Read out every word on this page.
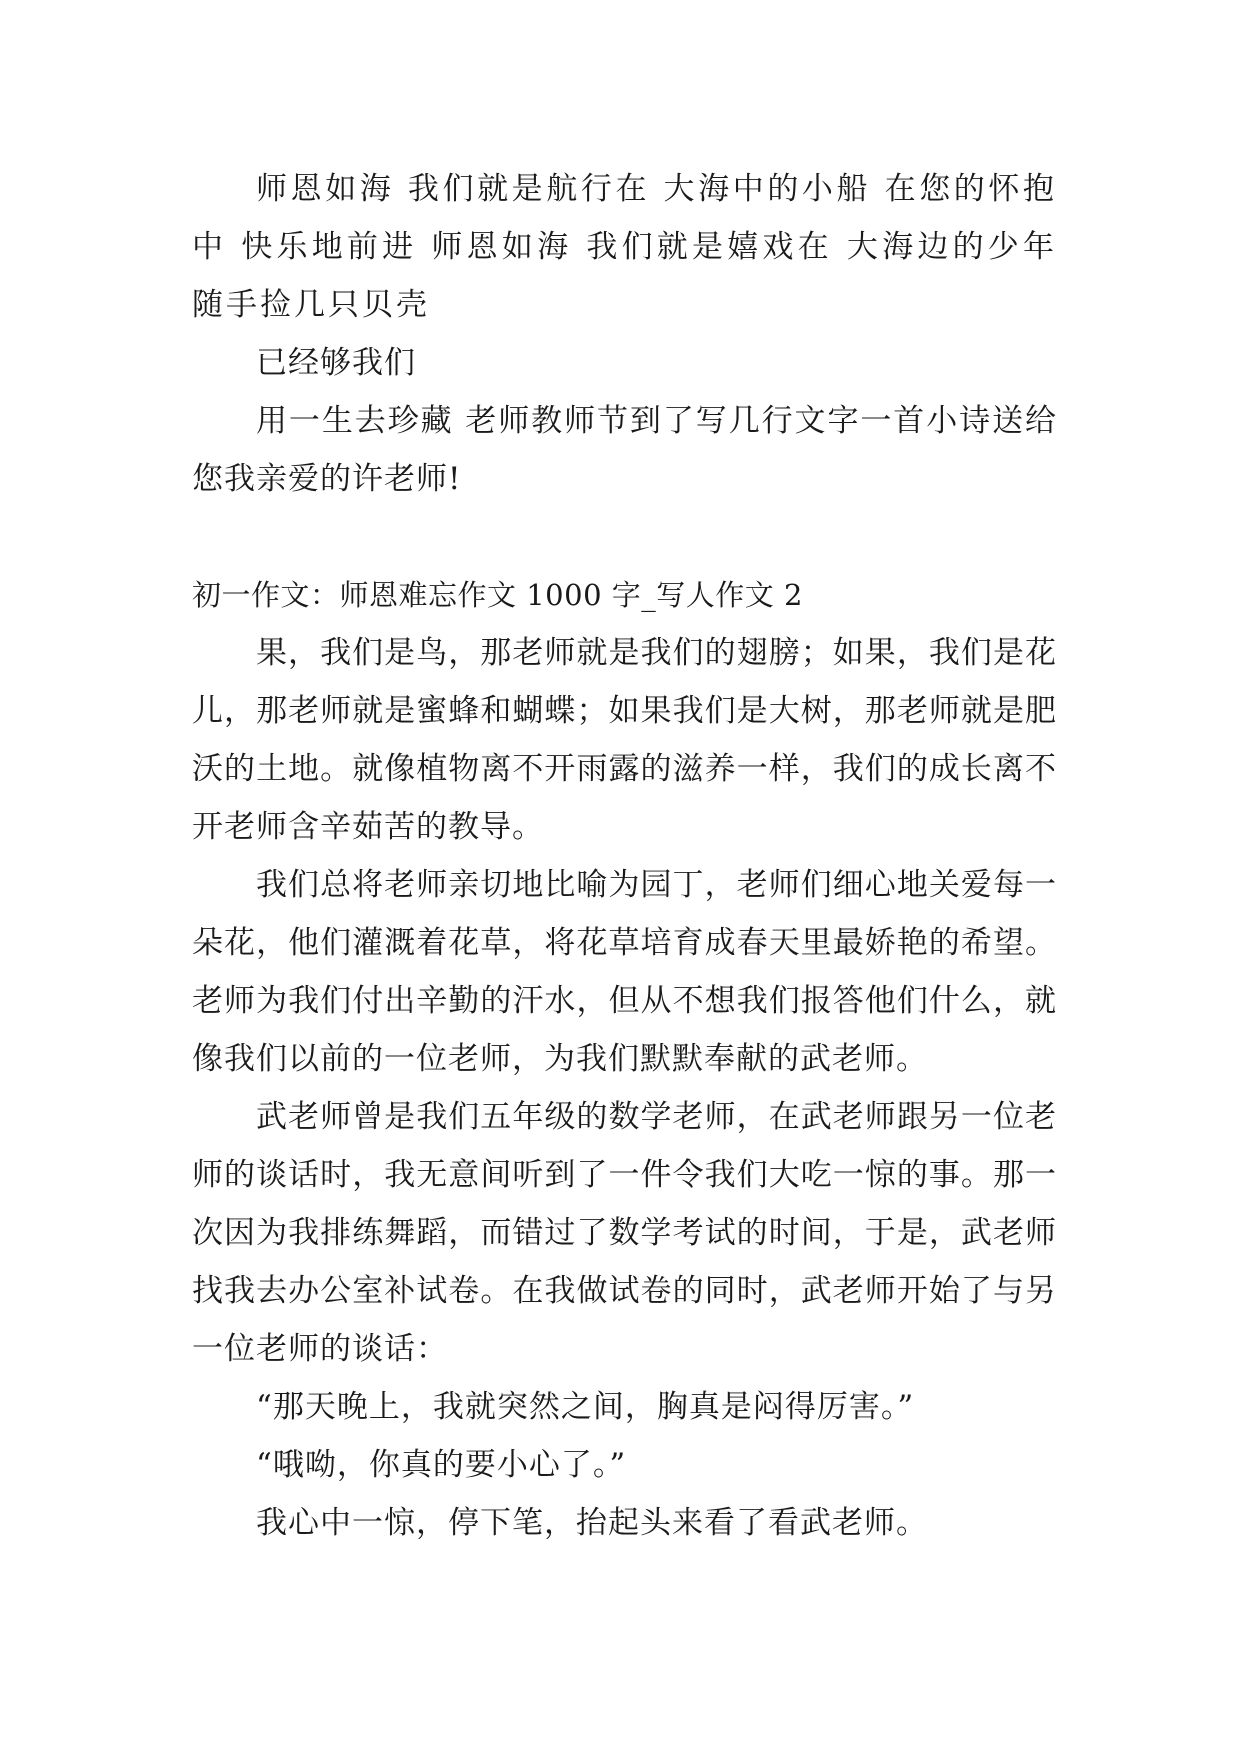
师恩如海 我们就是航行在 大海中的小船 在您的怀抱中 快乐地前进 师恩如海 我们就是嬉戏在 大海边的少年 随手捡几只贝壳

已经够我们

用一生去珍藏 老师教师节到了写几行文字一首小诗送给您我亲爱的许老师!

初一作文：师恩难忘作文 1000 字_写人作文 2

果，我们是鸟，那老师就是我们的翅膀；如果，我们是花儿，那老师就是蜜蜂和蝴蝶；如果我们是大树，那老师就是肥沃的土地。就像植物离不开雨露的滋养一样，我们的成长离不开老师含辛茹苦的教导。

我们总将老师亲切地比喻为园丁，老师们细心地关爱每一朵花，他们灌溉着花草，将花草培育成春天里最娇艳的希望。老师为我们付出辛勤的汗水，但从不想我们报答他们什么，就像我们以前的一位老师，为我们默默奉献的武老师。

武老师曾是我们五年级的数学老师，在武老师跟另一位老师的谈话时，我无意间听到了一件令我们大吃一惊的事。那一次因为我排练舞蹈，而错过了数学考试的时间，于是，武老师找我去办公室补试卷。在我做试卷的同时，武老师开始了与另一位老师的谈话：

“那天晚上，我就突然之间，胸真是闷得厉害。”

“哦呦，你真的要小心了。”

我心中一惊，停下笔，抬起头来看了看武老师。
